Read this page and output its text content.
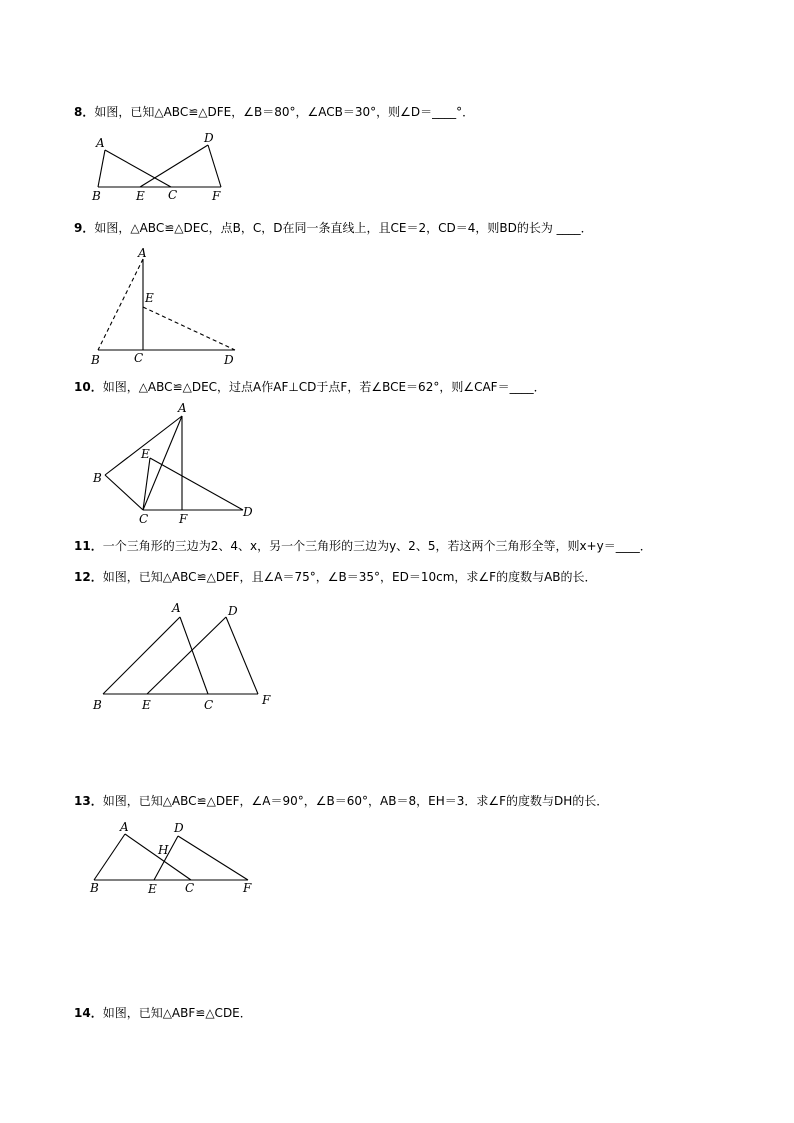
8．如图，已知△ABC≌△DFE，∠B＝80°，∠ACB＝30°，则∠D＝____°．
A	D
B	E C	F
9．如图，△ABC≌△DEC，点B，C，D在同一条直线上，且CE＝2，CD＝4，则BD的长为 ____．
A
E
B	C	D
10．如图，△ABC≌△DEC，过点A作AF⊥CD于点F，若∠BCE＝62°，则∠CAF＝____．
A
E
B
C	F	D
11．一个三角形的三边为2、4、x，另一个三角形的三边为y、2、5，若这两个三角形全等，则x+y＝____．
12．如图，已知△ABC≌△DEF，且∠A＝75°，∠B＝35°，ED＝10cm，求∠F的度数与AB的长．
A	D
B	E	C	F
13．如图，已知△ABC≌△DEF，∠A＝90°，∠B＝60°，AB＝8，EH＝3．求∠F的度数与DH的长．
A	D
H
B	E C	F
14．如图，已知△ABF≌△CDE．
